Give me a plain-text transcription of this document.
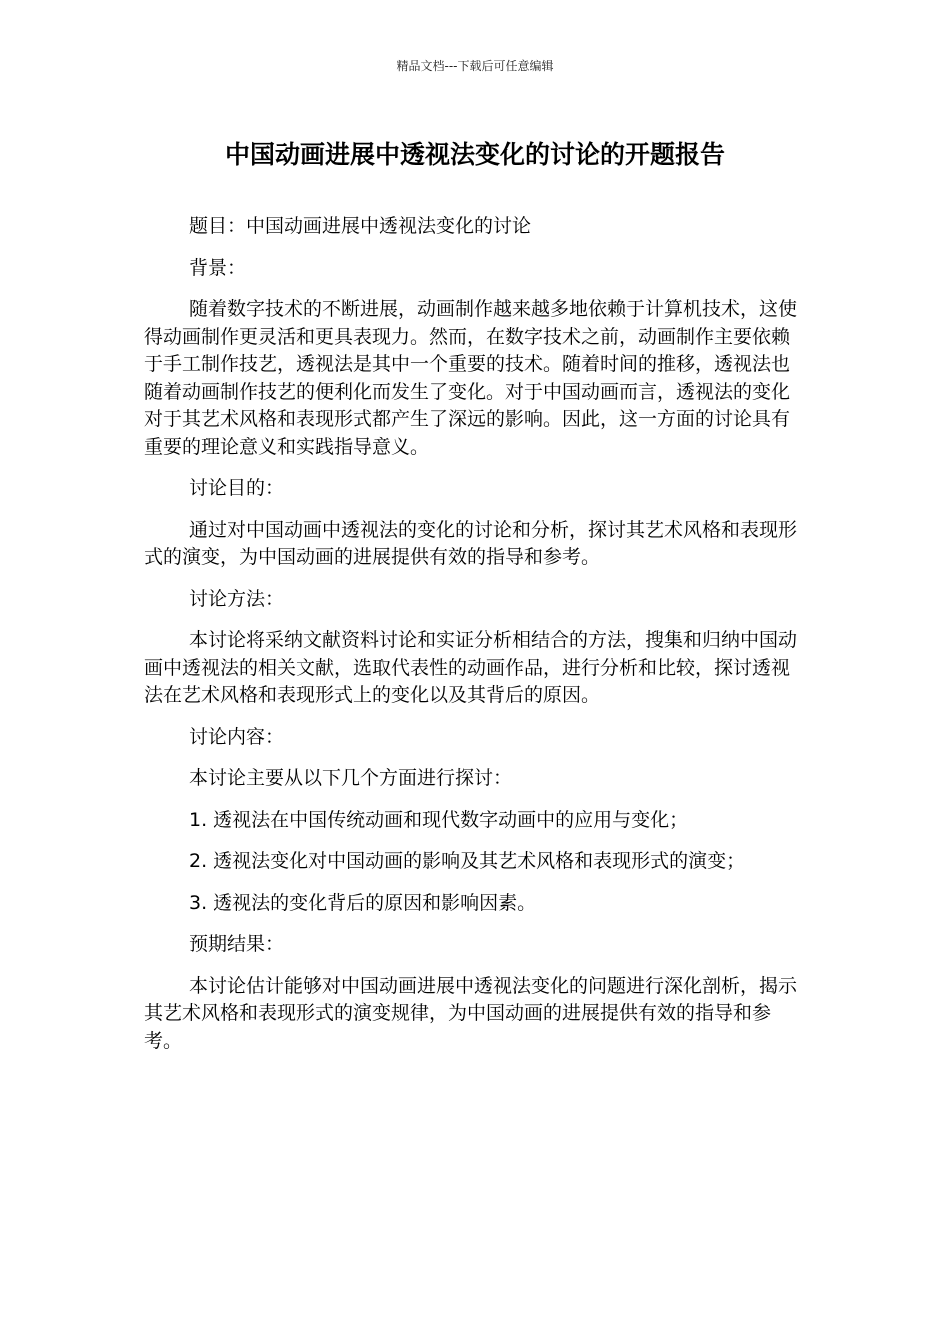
精品文档---下载后可任意编辑
中国动画进展中透视法变化的讨论的开题报告

题目：中国动画进展中透视法变化的讨论

背景：

随着数字技术的不断进展，动画制作越来越多地依赖于计算机技术，这使得动画制作更灵活和更具表现力。然而，在数字技术之前，动画制作主要依赖于手工制作技艺，透视法是其中一个重要的技术。随着时间的推移，透视法也随着动画制作技艺的便利化而发生了变化。对于中国动画而言，透视法的变化对于其艺术风格和表现形式都产生了深远的影响。因此，这一方面的讨论具有重要的理论意义和实践指导意义。

讨论目的：

通过对中国动画中透视法的变化的讨论和分析，探讨其艺术风格和表现形式的演变，为中国动画的进展提供有效的指导和参考。

讨论方法：

本讨论将采纳文献资料讨论和实证分析相结合的方法，搜集和归纳中国动画中透视法的相关文献，选取代表性的动画作品，进行分析和比较，探讨透视法在艺术风格和表现形式上的变化以及其背后的原因。

讨论内容：

本讨论主要从以下几个方面进行探讨：

1. 透视法在中国传统动画和现代数字动画中的应用与变化；

2. 透视法变化对中国动画的影响及其艺术风格和表现形式的演变；

3. 透视法的变化背后的原因和影响因素。

预期结果：

本讨论估计能够对中国动画进展中透视法变化的问题进行深化剖析，揭示其艺术风格和表现形式的演变规律，为中国动画的进展提供有效的指导和参考。
